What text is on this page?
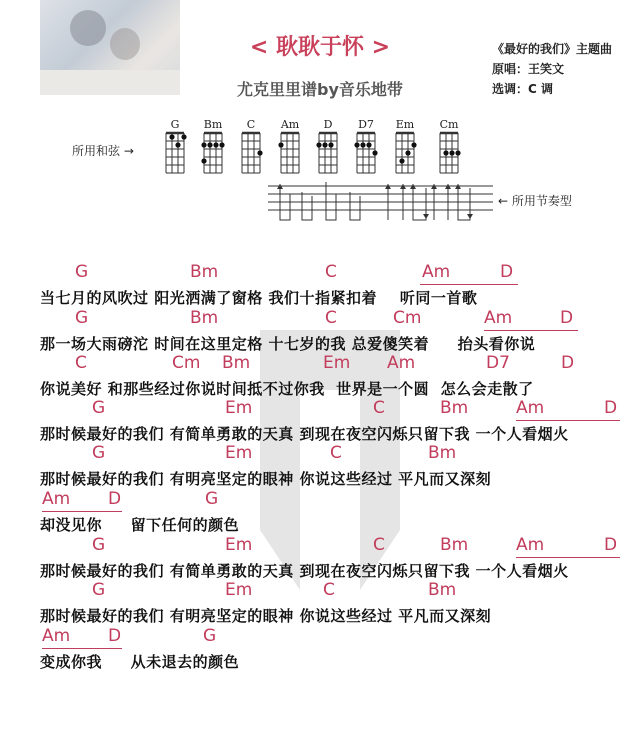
< 耿耿于怀 >
尤克里里谱by音乐地带
《最好的我们》主题曲
原唱：王笑文
选调：C 调
所用和弦 →
G	Bm	C	Am	D	D7	Em Cm
← 所用节奏型
G	Bm	C	Am	D
当七月的风吹过 阳光洒满了窗格 我们十指紧扣着    听同一首歌
G	Bm	C	Cm	Am	D
那一场大雨磅沱 时间在这里定格 十七岁的我 总爱傻笑着     抬头看你说
C	Cm Bm	Em Am	D7	D
你说美好 和那些经过你说时间抵不过你我  世界是一个圆  怎么会走散了
G	Em	C	Bm	Am	D
那时候最好的我们 有简单勇敢的天真 到现在夜空闪烁只留下我 一个人看烟火
G	Em	C	Bm
那时候最好的我们 有明亮坚定的眼神 你说这些经过 平凡而又深刻
Am D	G
却没见你     留下任何的颜色
G	Em	C	Bm	Am	D
那时候最好的我们 有简单勇敢的天真 到现在夜空闪烁只留下我 一个人看烟火
G	Em	C	Bm
那时候最好的我们 有明亮坚定的眼神 你说这些经过 平凡而又深刻
Am D	G
变成你我     从未退去的颜色
